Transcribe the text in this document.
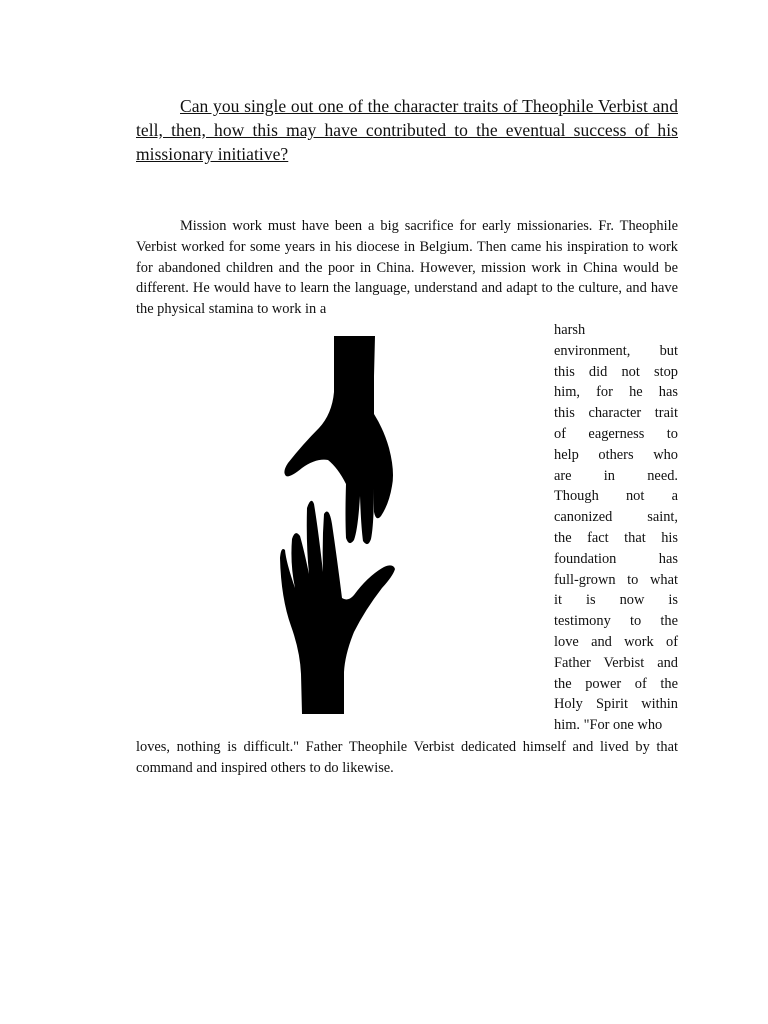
Can you single out one of the character traits of Theophile Verbist and tell, then, how this may have contributed to the eventual success of his missionary initiative?

Mission work must have been a big sacrifice for early missionaries. Fr. Theophile Verbist worked for some years in his diocese in Belgium. Then came his inspiration to work for abandoned children and the poor in China. However, mission work in China would be different. He would have to learn the language, understand and adapt to the culture, and have the physical stamina to work in a

harsh
environment, but
this did not stop
him, for he has
this character trait
of eagerness to
help others who
are in need.
Though not a
canonized saint,
the fact that his
foundation has
full-grown to what
it is now is
testimony to the
love and work of
Father Verbist and
the power of the
Holy Spirit within
him. "For one who

loves, nothing is difficult." Father Theophile Verbist dedicated himself and lived by that command and inspired others to do likewise.
